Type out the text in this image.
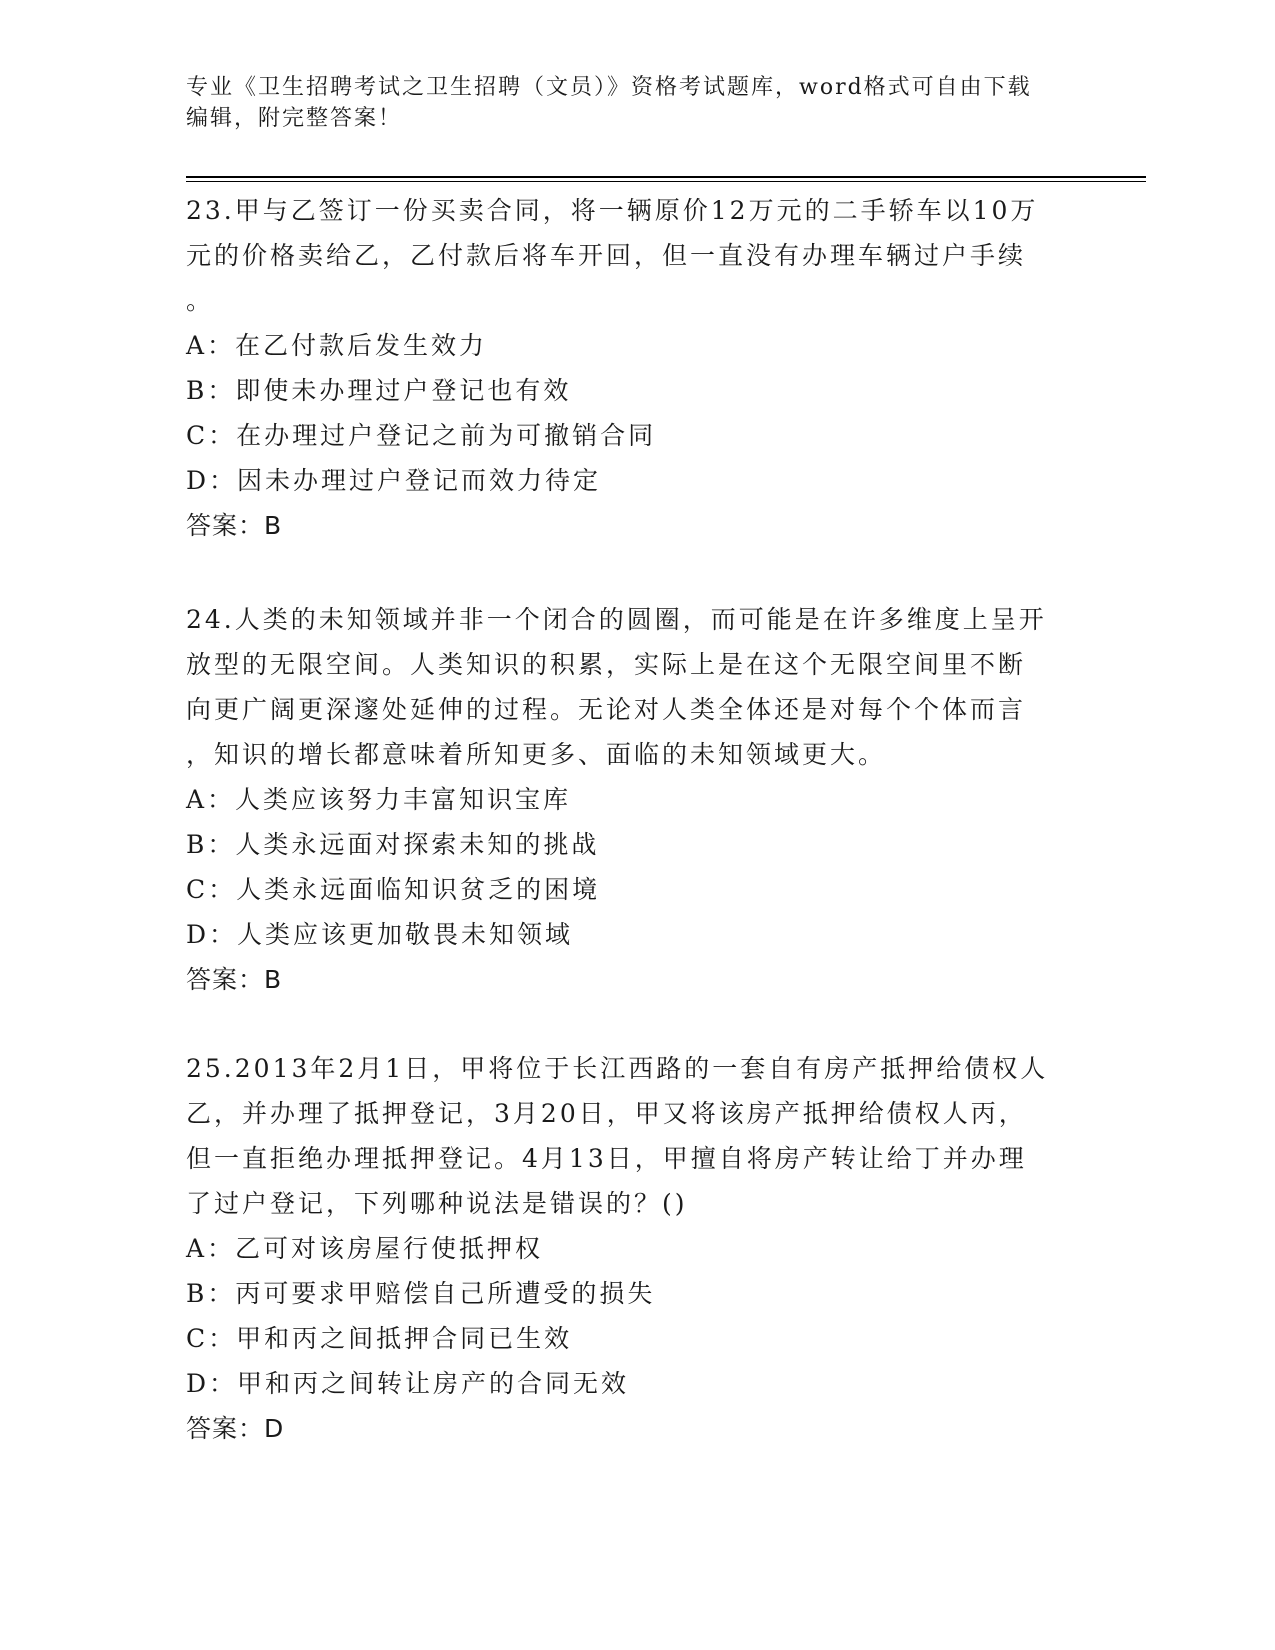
专业《卫生招聘考试之卫生招聘（文员）》资格考试题库，word格式可自由下载
编辑，附完整答案！

23.甲与乙签订一份买卖合同，将一辆原价12万元的二手轿车以10万
元的价格卖给乙，乙付款后将车开回，但一直没有办理车辆过户手续
。

A：在乙付款后发生效力

B：即使未办理过户登记也有效

C：在办理过户登记之前为可撤销合同

D：因未办理过户登记而效力待定

答案：B

24.人类的未知领域并非一个闭合的圆圈，而可能是在许多维度上呈开
放型的无限空间。人类知识的积累，实际上是在这个无限空间里不断
向更广阔更深邃处延伸的过程。无论对人类全体还是对每个个体而言
，知识的增长都意味着所知更多、面临的未知领域更大。

A：人类应该努力丰富知识宝库

B：人类永远面对探索未知的挑战

C：人类永远面临知识贫乏的困境

D：人类应该更加敬畏未知领域

答案：B

25.2013年2月1日，甲将位于长江西路的一套自有房产抵押给债权人
乙，并办理了抵押登记，3月20日，甲又将该房产抵押给债权人丙，
但一直拒绝办理抵押登记。4月13日，甲擅自将房产转让给丁并办理
了过户登记，下列哪种说法是错误的？()

A：乙可对该房屋行使抵押权

B：丙可要求甲赔偿自己所遭受的损失

C：甲和丙之间抵押合同已生效

D：甲和丙之间转让房产的合同无效

答案：D
